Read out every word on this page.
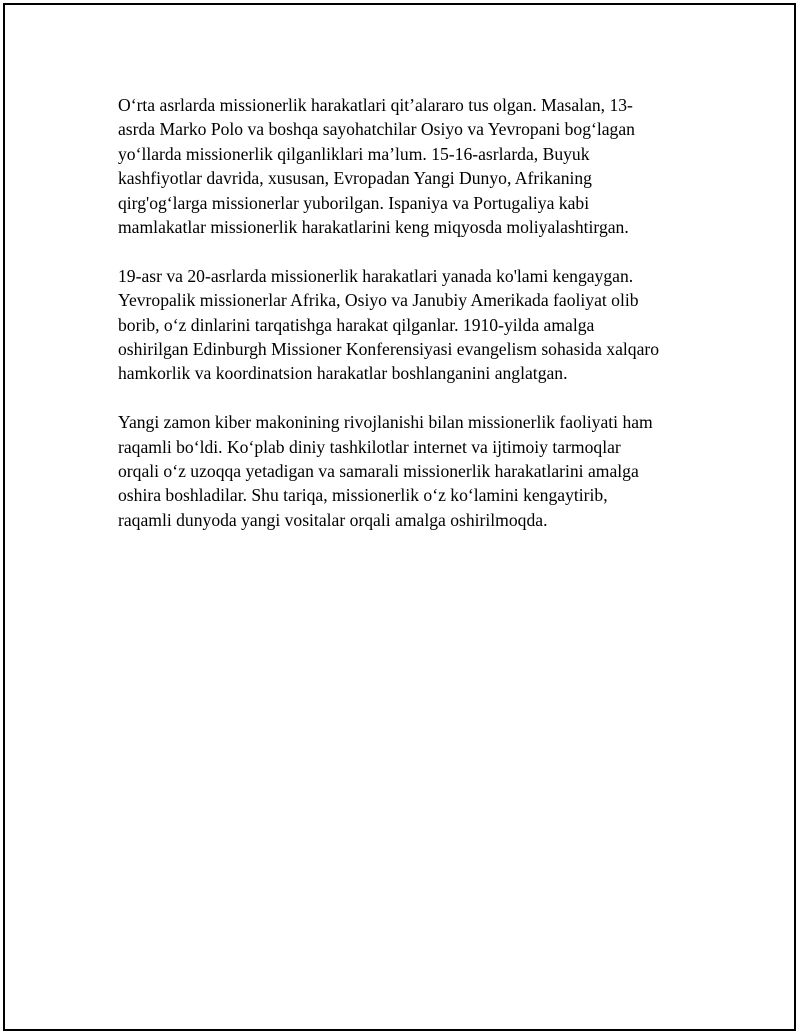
O‘rta asrlarda missionerlik harakatlari qit’alararo tus olgan. Masalan, 13-
asrda Marko Polo va boshqa sayohatchilar Osiyo va Yevropani bog‘lagan
yo‘llarda missionerlik qilganliklari ma’lum. 15-16-asrlarda, Buyuk
kashfiyotlar davrida, xususan, Evropadan Yangi Dunyo, Afrikaning
qirg'og‘larga missionerlar yuborilgan. Ispaniya va Portugaliya kabi
mamlakatlar missionerlik harakatlarini keng miqyosda moliyalashtirgan.

19-asr va 20-asrlarda missionerlik harakatlari yanada ko'lami kengaygan.
Yevropalik missionerlar Afrika, Osiyo va Janubiy Amerikada faoliyat olib
borib, o‘z dinlarini tarqatishga harakat qilganlar. 1910-yilda amalga
oshirilgan Edinburgh Missioner Konferensiyasi evangelism sohasida xalqaro
hamkorlik va koordinatsion harakatlar boshlanganini anglatgan.

Yangi zamon kiber makonining rivojlanishi bilan missionerlik faoliyati ham
raqamli bo‘ldi. Ko‘plab diniy tashkilotlar internet va ijtimoiy tarmoqlar
orqali o‘z uzoqqa yetadigan va samarali missionerlik harakatlarini amalga
oshira boshladilar. Shu tariqa, missionerlik o‘z ko‘lamini kengaytirib,
raqamli dunyoda yangi vositalar orqali amalga oshirilmoqda.
